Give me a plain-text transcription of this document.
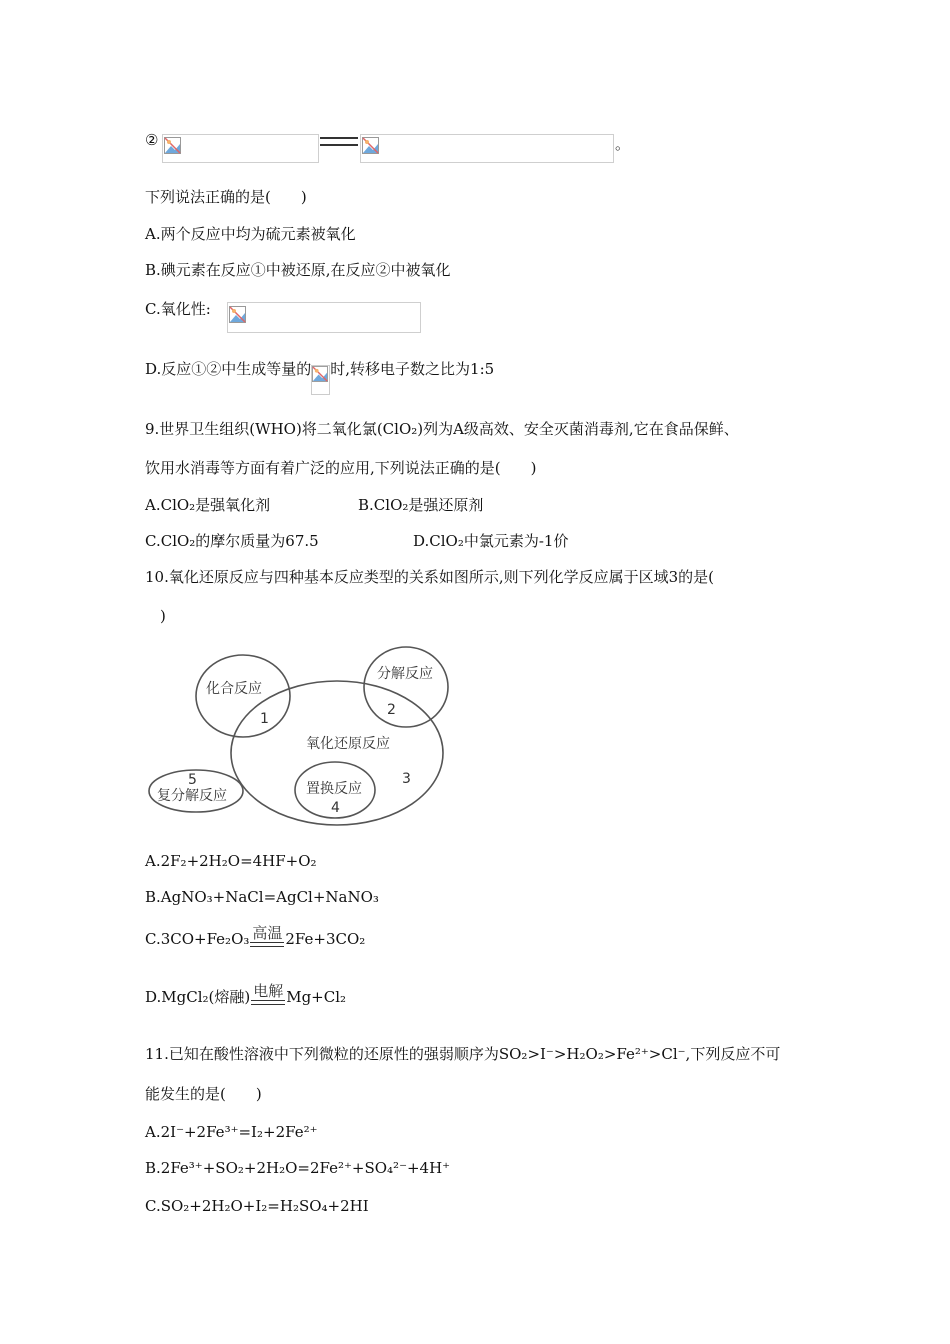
②	。
下列说法正确的是(　　)
A.两个反应中均为硫元素被氧化
B.碘元素在反应①中被还原,在反应②中被氧化
C.氧化性:
D.反应①②中生成等量的 时,转移电子数之比为1:5
9.世界卫生组织(WHO)将二氧化氯(ClO₂)列为A级高效、安全灭菌消毒剂,它在食品保鲜、
饮用水消毒等方面有着广泛的应用,下列说法正确的是(　　)
A.ClO₂是强氧化剂	B.ClO₂是强还原剂
C.ClO₂的摩尔质量为67.5	D.ClO₂中氯元素为-1价
10.氧化还原反应与四种基本反应类型的关系如图所示,则下列化学反应属于区域3的是(
　)
化合反应
1
分解反应
2
氧化还原反应
3
置换反应
4
5
复分解反应
A.2F₂+2H₂O=4HF+O₂
B.AgNO₃+NaCl=AgCl+NaNO₃
C.3CO+Fe₂O₃ 高温 2Fe+3CO₂
D.MgCl₂(熔融) 电解 Mg+Cl₂
11.已知在酸性溶液中下列微粒的还原性的强弱顺序为SO₂>I⁻>H₂O₂>Fe²⁺>Cl⁻,下列反应不可
能发生的是(　　)
A.2I⁻+2Fe³⁺=I₂+2Fe²⁺
B.2Fe³⁺+SO₂+2H₂O=2Fe²⁺+SO₄²⁻+4H⁺
C.SO₂+2H₂O+I₂=H₂SO₄+2HI
